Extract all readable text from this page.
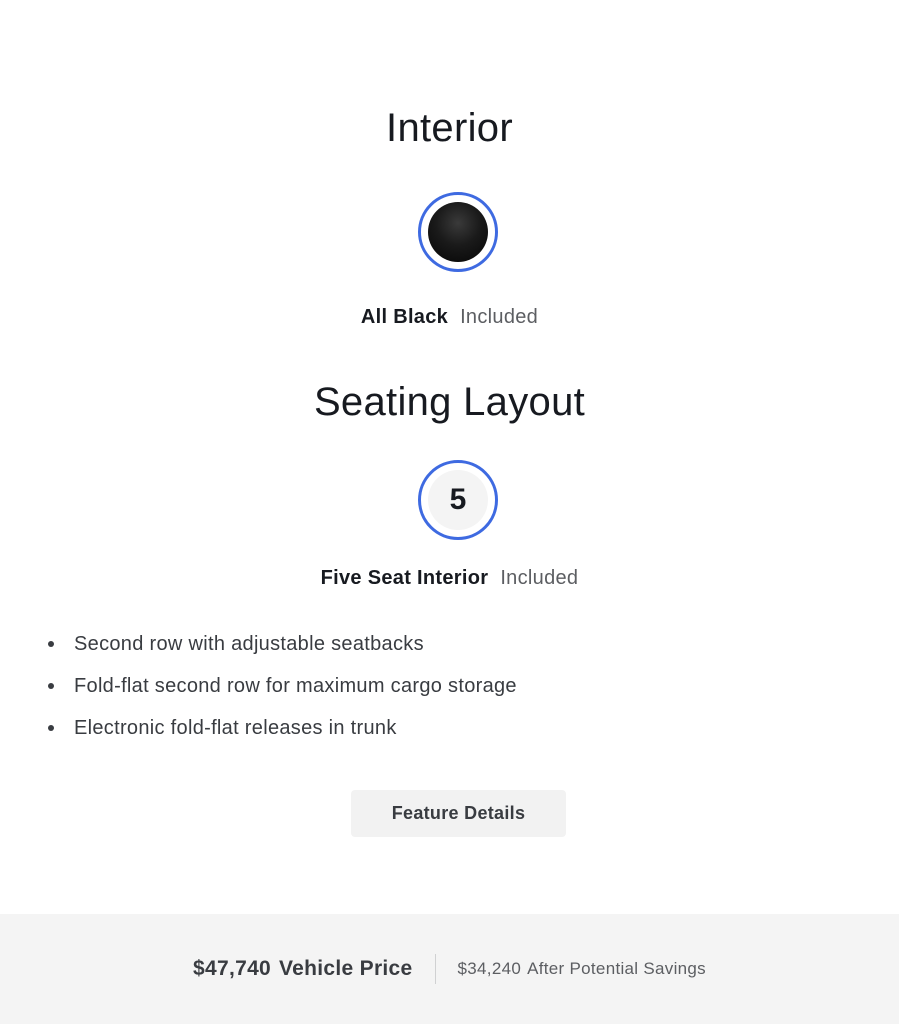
Interior
All Black Included
Seating Layout
5
Five Seat Interior Included
Second row with adjustable seatbacks
Fold-flat second row for maximum cargo storage
Electronic fold-flat releases in trunk
Feature Details
$47,740 Vehicle Price	$34,240 After Potential Savings
